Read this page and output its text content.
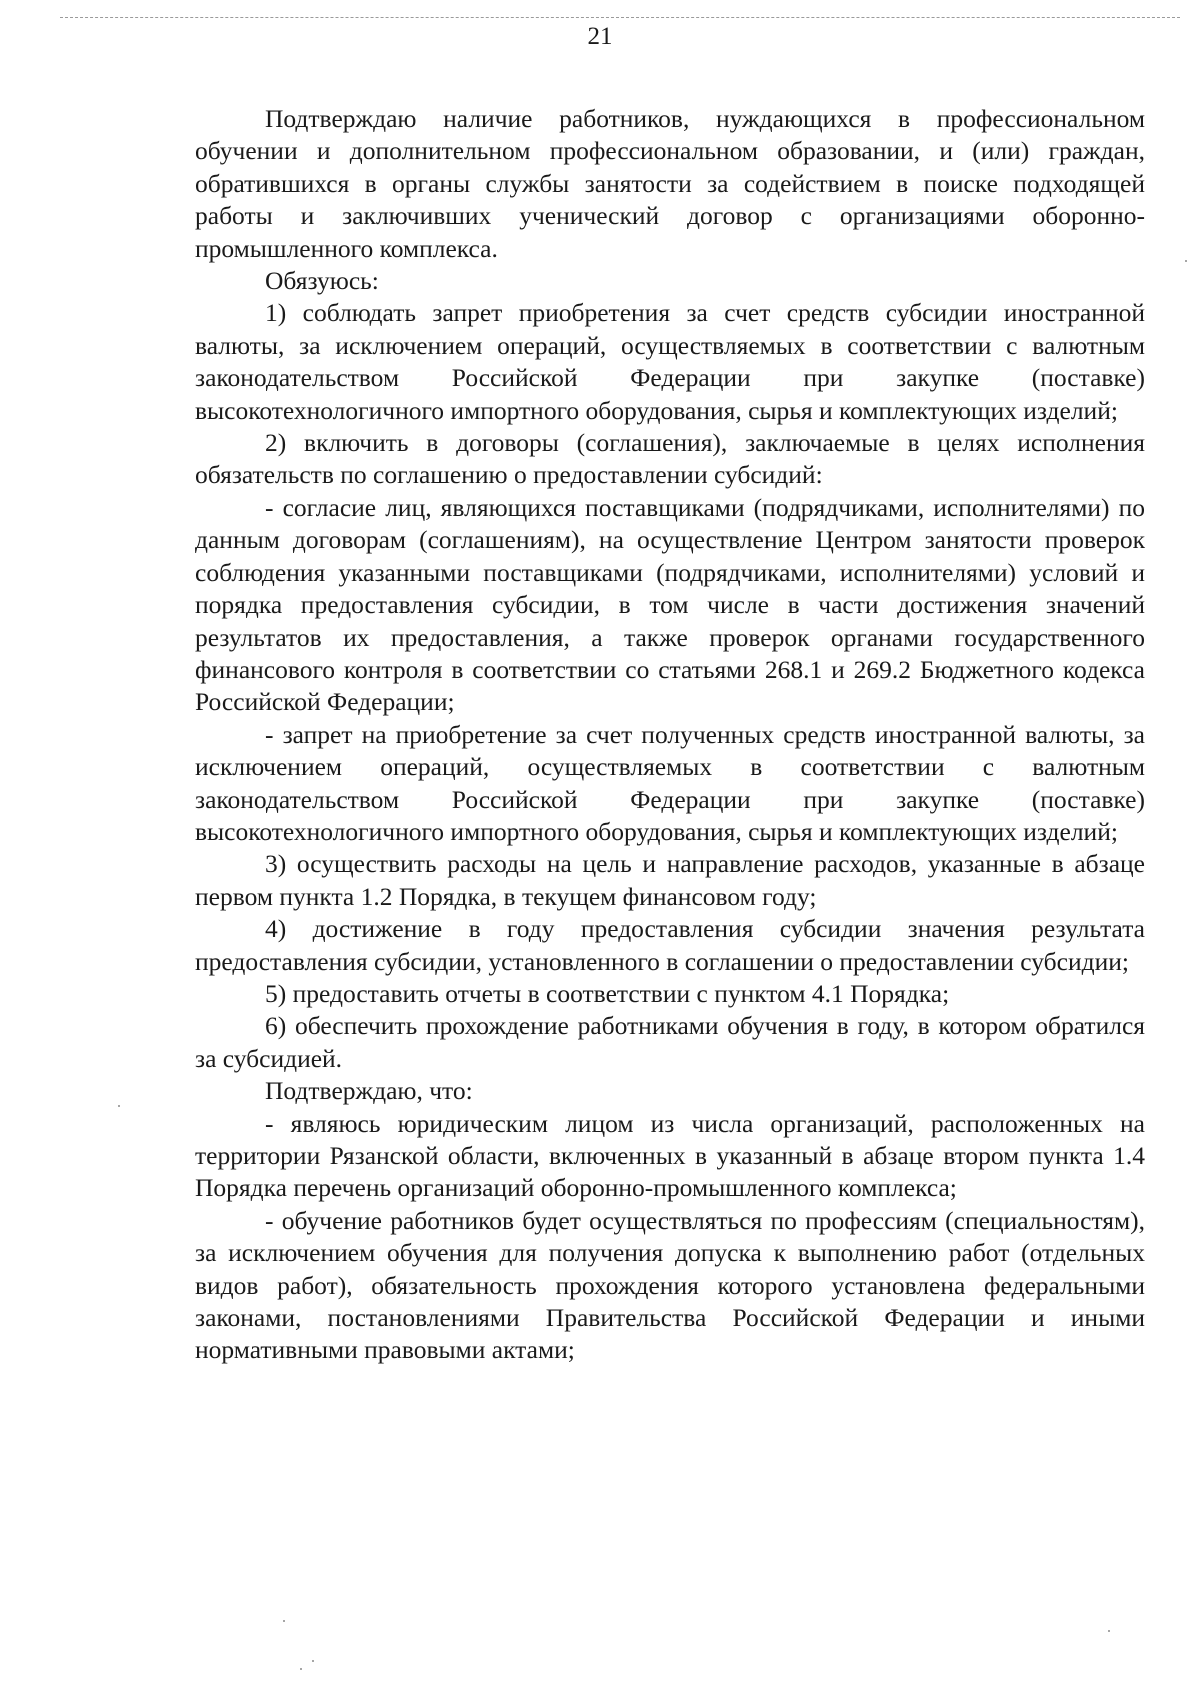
21

Подтверждаю наличие работников, нуждающихся в профессиональном обучении и дополнительном профессиональном образовании, и (или) граждан, обратившихся в органы службы занятости за содействием в поиске подходящей работы и заключивших ученический договор с организациями оборонно-промышленного комплекса.

Обязуюсь:

1) соблюдать запрет приобретения за счет средств субсидии иностранной валюты, за исключением операций, осуществляемых в соответствии с валютным законодательством Российской Федерации при закупке (поставке) высокотехнологичного импортного оборудования, сырья и комплектующих изделий;

2) включить в договоры (соглашения), заключаемые в целях исполнения обязательств по соглашению о предоставлении субсидий:

- согласие лиц, являющихся поставщиками (подрядчиками, исполнителями) по данным договорам (соглашениям), на осуществление Центром занятости проверок соблюдения указанными поставщиками (подрядчиками, исполнителями) условий и порядка предоставления субсидии, в том числе в части достижения значений результатов их предоставления, а также проверок органами государственного финансового контроля в соответствии со статьями 268.1 и 269.2 Бюджетного кодекса Российской Федерации;

- запрет на приобретение за счет полученных средств иностранной валюты, за исключением операций, осуществляемых в соответствии с валютным законодательством Российской Федерации при закупке (поставке) высокотехнологичного импортного оборудования, сырья и комплектующих изделий;

3) осуществить расходы на цель и направление расходов, указанные в абзаце первом пункта 1.2 Порядка, в текущем финансовом году;

4) достижение в году предоставления субсидии значения результата предоставления субсидии, установленного в соглашении о предоставлении субсидии;

5) предоставить отчеты в соответствии с пунктом 4.1 Порядка;

6) обеспечить прохождение работниками обучения в году, в котором обратился за субсидией.

Подтверждаю, что:

- являюсь юридическим лицом из числа организаций, расположенных на территории Рязанской области, включенных в указанный в абзаце втором пункта 1.4 Порядка перечень организаций оборонно-промышленного комплекса;

- обучение работников будет осуществляться по профессиям (специальностям), за исключением обучения для получения допуска к выполнению работ (отдельных видов работ), обязательность прохождения которого установлена федеральными законами, постановлениями Правительства Российской Федерации и иными нормативными правовыми актами;
